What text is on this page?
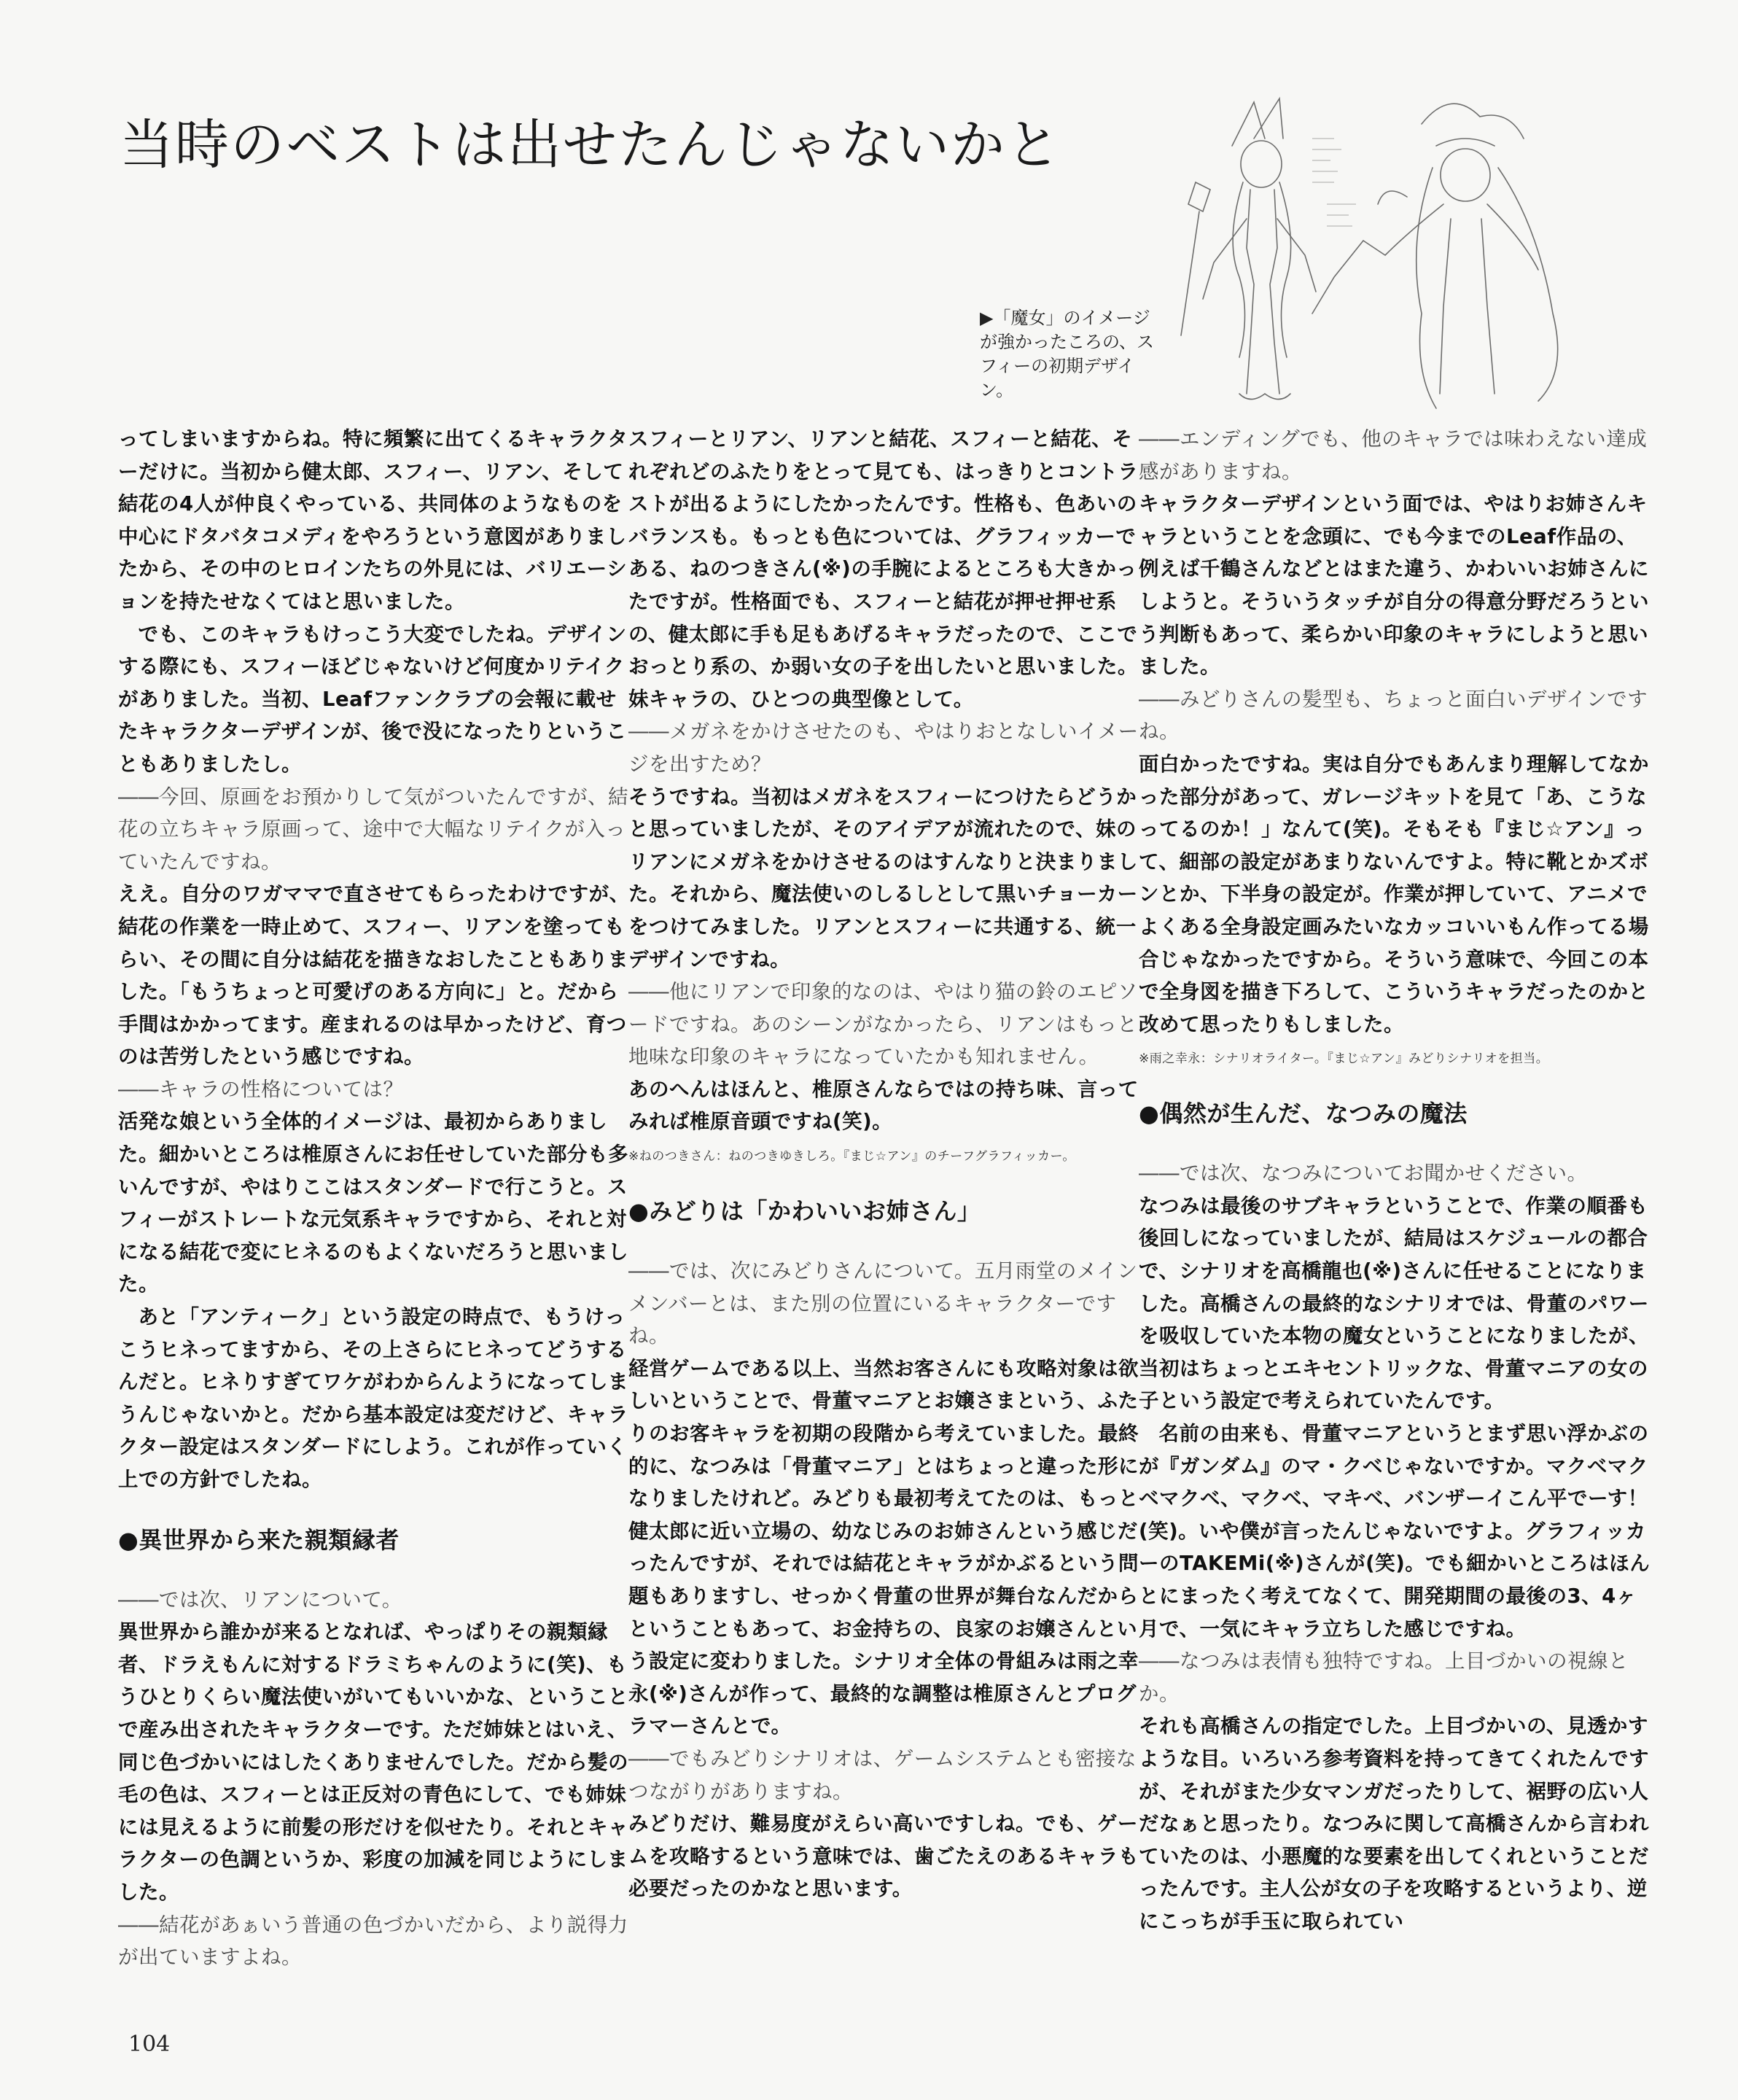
当時のベストは出せたんじゃないかと
▶「魔女」のイメージが強かったころの、スフィーの初期デザイン。

ってしまいますからね。特に頻繁に出てくるキャラクターだけに。当初から健太郎、スフィー、リアン、そして結花の4人が仲良くやっている、共同体のようなものを中心にドタバタコメディをやろうという意図がありましたから、その中のヒロインたちの外見には、バリエーションを持たせなくてはと思いました。

でも、このキャラもけっこう大変でしたね。デザインする際にも、スフィーほどじゃないけど何度かリテイクがありました。当初、Leafファンクラブの会報に載せたキャラクターデザインが、後で没になったりということもありましたし。

――今回、原画をお預かりして気がついたんですが、結花の立ちキャラ原画って、途中で大幅なリテイクが入っていたんですね。

ええ。自分のワガママで直させてもらったわけですが、結花の作業を一時止めて、スフィー、リアンを塗ってもらい、その間に自分は結花を描きなおしたこともありました。「もうちょっと可愛げのある方向に」と。だから手間はかかってます。産まれるのは早かったけど、育つのは苦労したという感じですね。

――キャラの性格については？

活発な娘という全体的イメージは、最初からありました。細かいところは椎原さんにお任せしていた部分も多いんですが、やはりここはスタンダードで行こうと。スフィーがストレートな元気系キャラですから、それと対になる結花で変にヒネるのもよくないだろうと思いました。

あと「アンティーク」という設定の時点で、もうけっこうヒネってますから、その上さらにヒネってどうするんだと。ヒネりすぎてワケがわからんようになってしまうんじゃないかと。だから基本設定は変だけど、キャラクター設定はスタンダードにしよう。これが作っていく上での方針でしたね。

●異世界から来た親類縁者

――では次、リアンについて。

異世界から誰かが来るとなれば、やっぱりその親類縁者、ドラえもんに対するドラミちゃんのように(笑)、もうひとりくらい魔法使いがいてもいいかな、ということで産み出されたキャラクターです。ただ姉妹とはいえ、同じ色づかいにはしたくありませんでした。だから髪の毛の色は、スフィーとは正反対の青色にして、でも姉妹には見えるように前髪の形だけを似せたり。それとキャラクターの色調というか、彩度の加減を同じようにしました。

――結花があぁいう普通の色づかいだから、より説得力が出ていますよね。

スフィーとリアン、リアンと結花、スフィーと結花、それぞれどのふたりをとって見ても、はっきりとコントラストが出るようにしたかったんです。性格も、色あいのバランスも。もっとも色については、グラフィッカーである、ねのつきさん(※)の手腕によるところも大きかったですが。性格面でも、スフィーと結花が押せ押せ系の、健太郎に手も足もあげるキャラだったので、ここでおっとり系の、か弱い女の子を出したいと思いました。妹キャラの、ひとつの典型像として。

――メガネをかけさせたのも、やはりおとなしいイメージを出すため？

そうですね。当初はメガネをスフィーにつけたらどうかと思っていましたが、そのアイデアが流れたので、妹のリアンにメガネをかけさせるのはすんなりと決まりました。それから、魔法使いのしるしとして黒いチョーカーをつけてみました。リアンとスフィーに共通する、統一デザインですね。

――他にリアンで印象的なのは、やはり猫の鈴のエピソードですね。あのシーンがなかったら、リアンはもっと地味な印象のキャラになっていたかも知れません。

あのへんはほんと、椎原さんならではの持ち味、言ってみれば椎原音頭ですね(笑)。

※ねのつきさん：ねのつきゆきしろ。『まじ☆アン』のチーフグラフィッカー。
●みどりは「かわいいお姉さん」

――では、次にみどりさんについて。五月雨堂のメインメンバーとは、また別の位置にいるキャラクターですね。

経営ゲームである以上、当然お客さんにも攻略対象は欲しいということで、骨董マニアとお嬢さまという、ふたりのお客キャラを初期の段階から考えていました。最終的に、なつみは「骨董マニア」とはちょっと違った形になりましたけれど。みどりも最初考えてたのは、もっと健太郎に近い立場の、幼なじみのお姉さんという感じだったんですが、それでは結花とキャラがかぶるという問題もありますし、せっかく骨董の世界が舞台なんだからということもあって、お金持ちの、良家のお嬢さんという設定に変わりました。シナリオ全体の骨組みは雨之幸永(※)さんが作って、最終的な調整は椎原さんとプログラマーさんとで。

――でもみどりシナリオは、ゲームシステムとも密接なつながりがありますね。

みどりだけ、難易度がえらい高いですしね。でも、ゲームを攻略するという意味では、歯ごたえのあるキャラも必要だったのかなと思います。

――エンディングでも、他のキャラでは味わえない達成感がありますね。

キャラクターデザインという面では、やはりお姉さんキャラということを念頭に、でも今までのLeaf作品の、例えば千鶴さんなどとはまた違う、かわいいお姉さんにしようと。そういうタッチが自分の得意分野だろうという判断もあって、柔らかい印象のキャラにしようと思いました。

――みどりさんの髪型も、ちょっと面白いデザインですね。

面白かったですね。実は自分でもあんまり理解してなかった部分があって、ガレージキットを見て「あ、こうなってるのか！」なんて(笑)。そもそも『まじ☆アン』って、細部の設定があまりないんですよ。特に靴とかズボンとか、下半身の設定が。作業が押していて、アニメでよくある全身設定画みたいなカッコいいもん作ってる場合じゃなかったですから。そういう意味で、今回この本で全身図を描き下ろして、こういうキャラだったのかと改めて思ったりもしました。

※雨之幸永：シナリオライター。『まじ☆アン』みどりシナリオを担当。
●偶然が生んだ、なつみの魔法

――では次、なつみについてお聞かせください。

なつみは最後のサブキャラということで、作業の順番も後回しになっていましたが、結局はスケジュールの都合で、シナリオを高橋龍也(※)さんに任せることになりました。高橋さんの最終的なシナリオでは、骨董のパワーを吸収していた本物の魔女ということになりましたが、当初はちょっとエキセントリックな、骨董マニアの女の子という設定で考えられていたんです。

名前の由来も、骨董マニアというとまず思い浮かぶのが『ガンダム』のマ・クベじゃないですか。マクベマクベマクベ、マクベ、マキベ、バンザーイこん平でーす！(笑)。いや僕が言ったんじゃないですよ。グラフィッカーのTAKEMi(※)さんが(笑)。でも細かいところはほんとにまったく考えてなくて、開発期間の最後の3、4ヶ月で、一気にキャラ立ちした感じですね。

――なつみは表情も独特ですね。上目づかいの視線とか。

それも高橋さんの指定でした。上目づかいの、見透かすような目。いろいろ参考資料を持ってきてくれたんですが、それがまた少女マンガだったりして、裾野の広い人だなぁと思ったり。なつみに関して高橋さんから言われていたのは、小悪魔的な要素を出してくれということだったんです。主人公が女の子を攻略するというより、逆にこっちが手玉に取られてい

104
